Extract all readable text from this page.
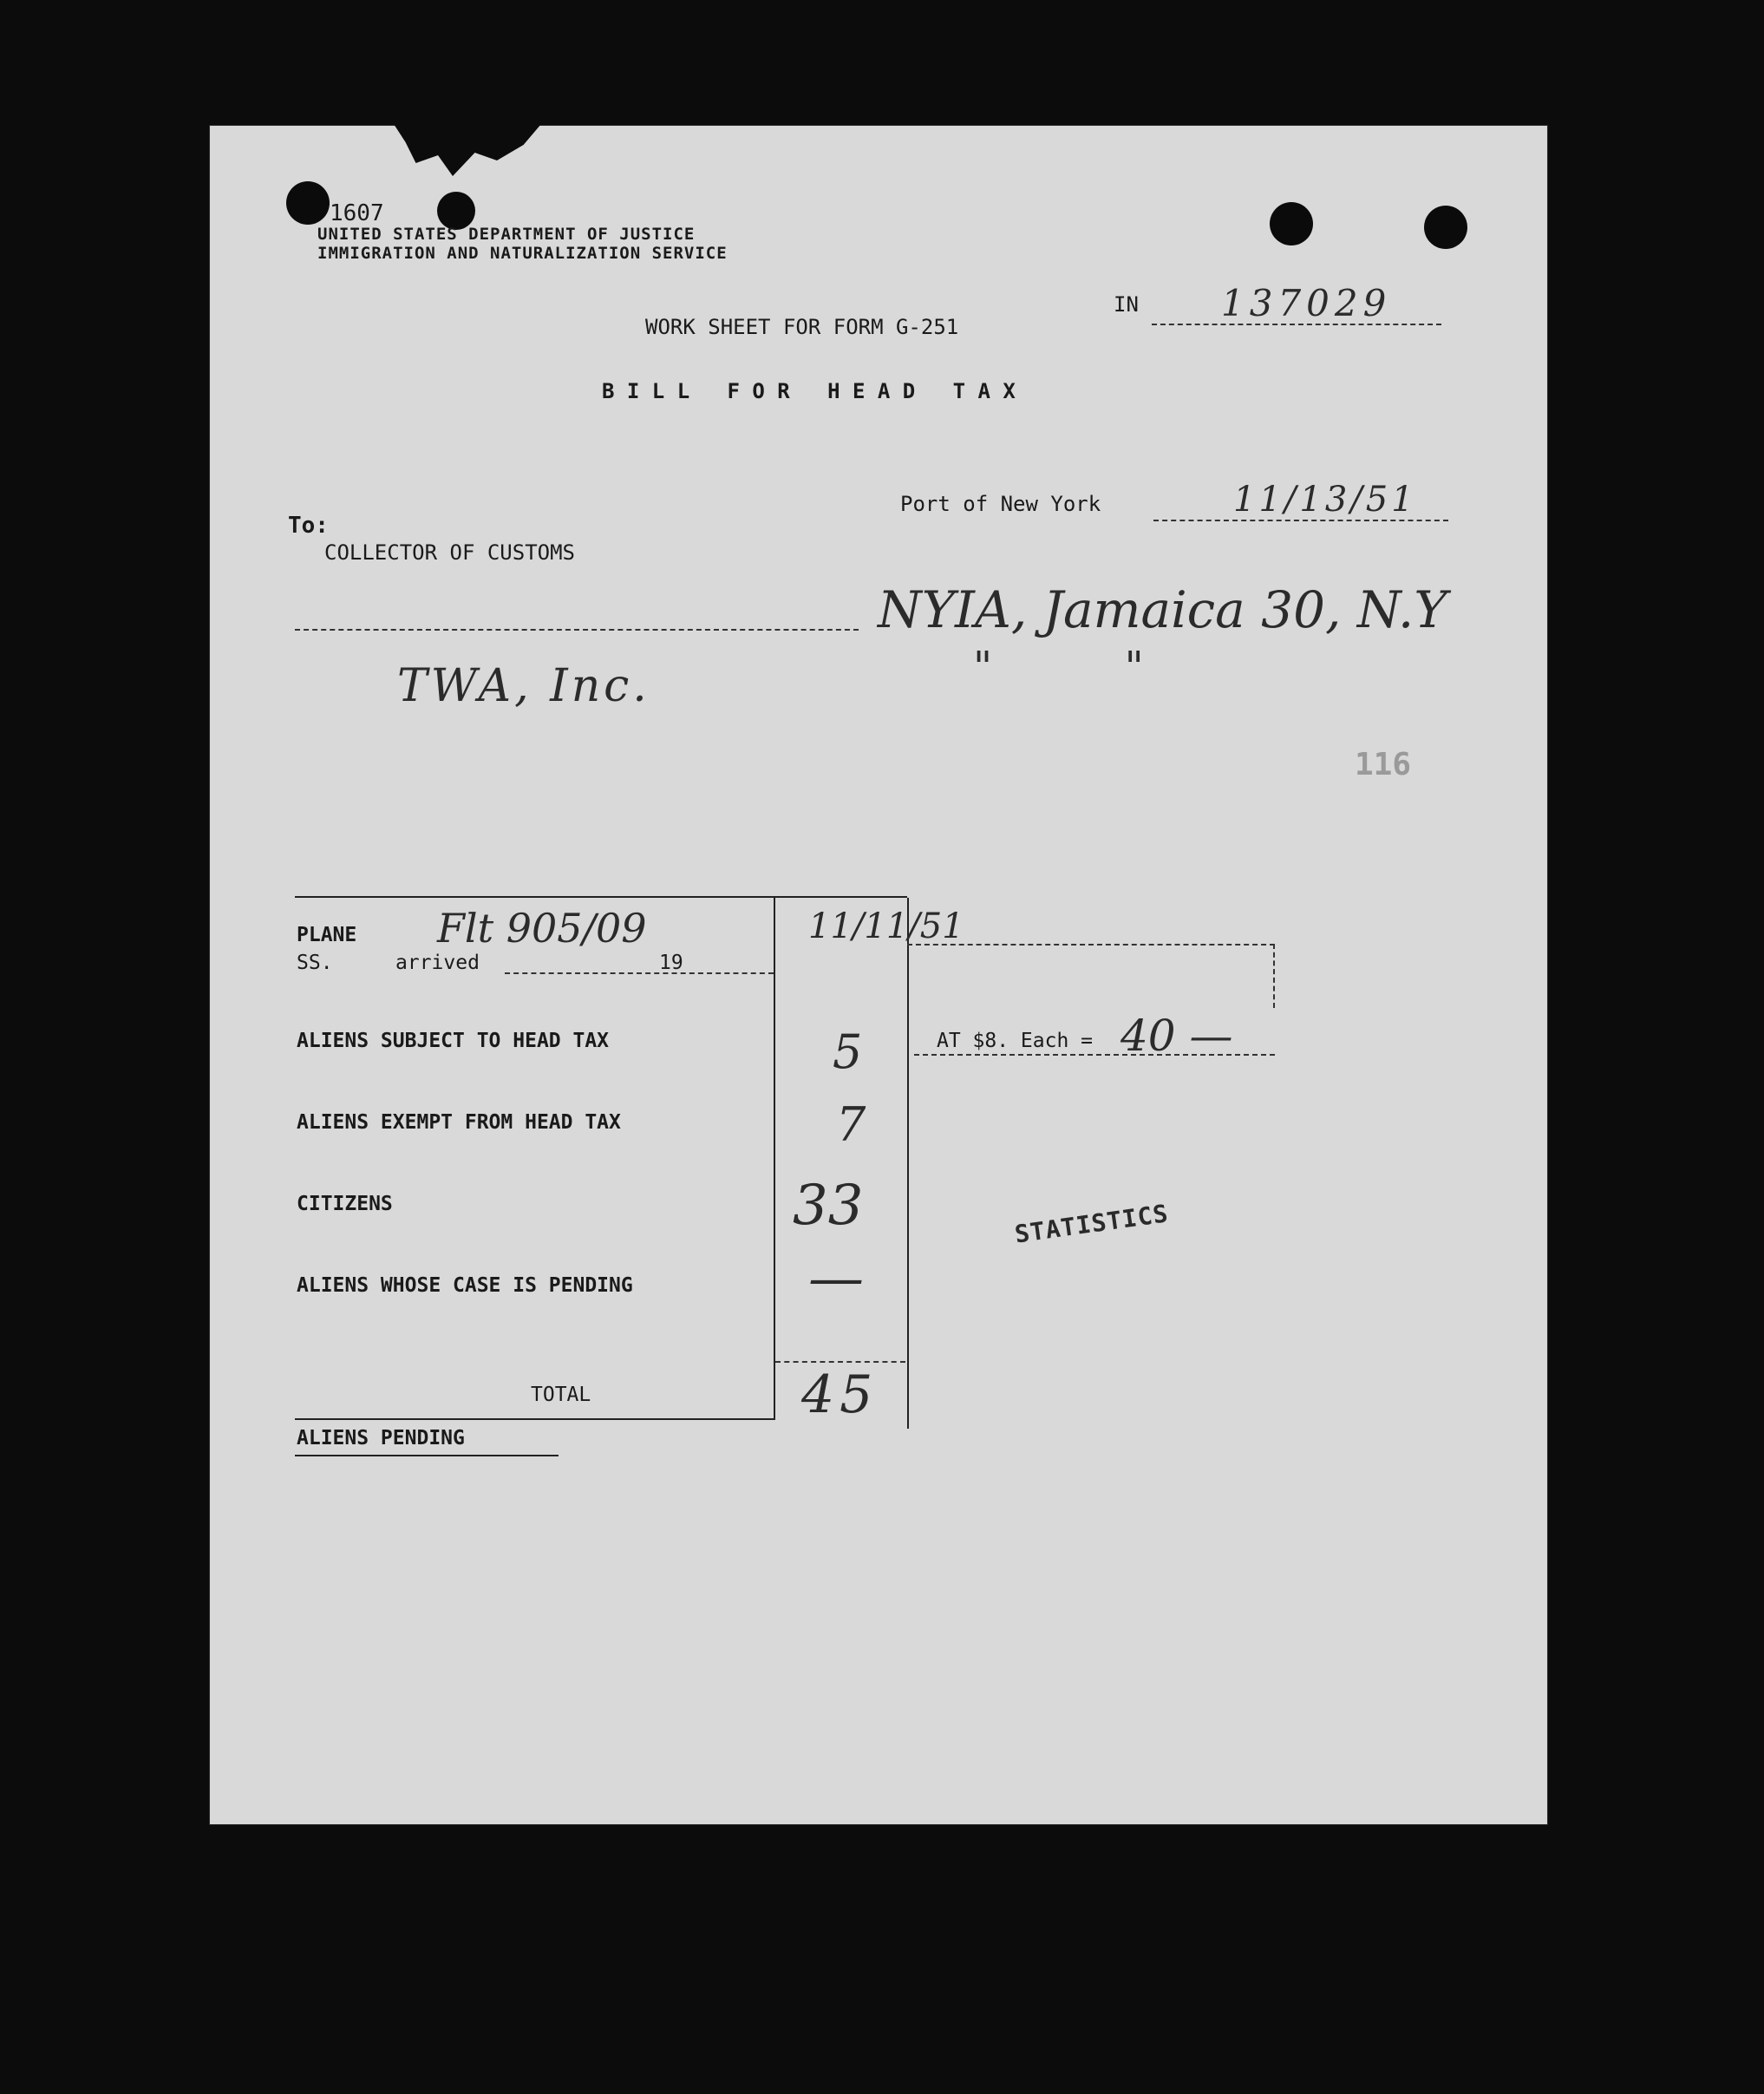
1607
UNITED STATES DEPARTMENT OF JUSTICE
IMMIGRATION AND NATURALIZATION SERVICE
IN 137029
WORK SHEET FOR FORM G-251
B I L L   F O R   H E A D   T A X
Port of New York	11/13/51
To:
COLLECTOR OF CUSTOMS
NYIA, Jamaica 30, N.Y
"          "
TWA, Inc.
116
PLANE
SS.	arrived
Flt 905/09
19
11/11/51
ALIENS SUBJECT TO HEAD TAX	5	AT $8. Each = 40 —
ALIENS EXEMPT FROM HEAD TAX	7
CITIZENS	33
ALIENS WHOSE CASE IS PENDING	—
STATISTICS
TOTAL	45
ALIENS PENDING
